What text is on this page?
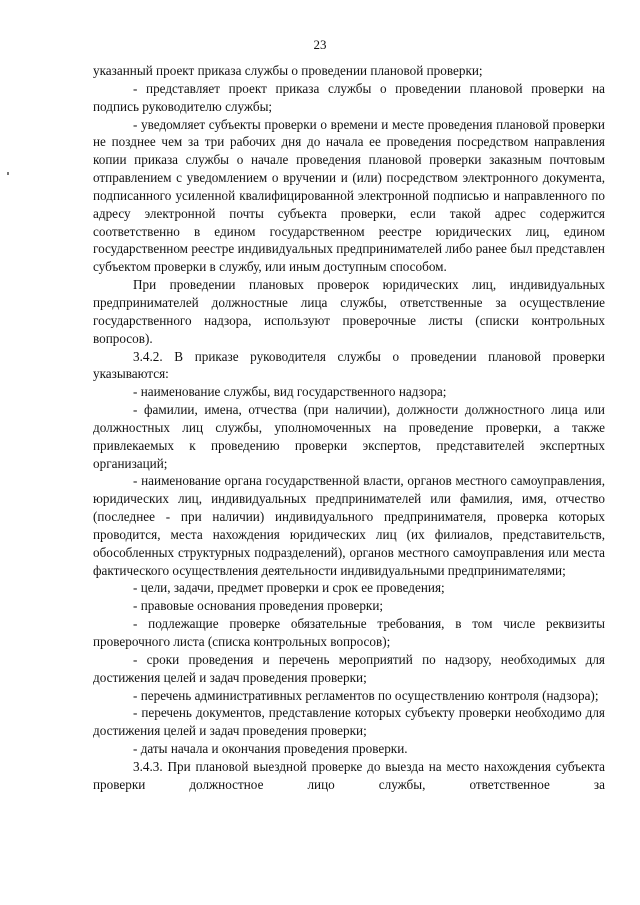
23

указанный проект приказа службы о проведении плановой проверки;

- представляет проект приказа службы о проведении плановой проверки на подпись руководителю службы;

- уведомляет субъекты проверки о времени и месте проведения плановой проверки не позднее чем за три рабочих дня до начала ее проведения посредством направления копии приказа службы о начале проведения плановой проверки заказным почтовым отправлением с уведомлением о вручении и (или) посредством электронного документа, подписанного усиленной квалифицированной электронной подписью и направленного по адресу электронной почты субъекта проверки, если такой адрес содержится соответственно в едином государственном реестре юридических лиц, едином государственном реестре индивидуальных предпринимателей либо ранее был представлен субъектом проверки в службу, или иным доступным способом.

При проведении плановых проверок юридических лиц, индивидуальных предпринимателей должностные лица службы, ответственные за осуществление государственного надзора, используют проверочные листы (списки контрольных вопросов).

3.4.2. В приказе руководителя службы о проведении плановой проверки указываются:

- наименование службы, вид государственного надзора;

- фамилии, имена, отчества (при наличии), должности должностного лица или должностных лиц службы, уполномоченных на проведение проверки, а также привлекаемых к проведению проверки экспертов, представителей экспертных организаций;

- наименование органа государственной власти, органов местного самоуправления, юридических лиц, индивидуальных предпринимателей или фамилия, имя, отчество (последнее - при наличии) индивидуального предпринимателя, проверка которых проводится, места нахождения юридических лиц (их филиалов, представительств, обособленных структурных подразделений), органов местного самоуправления или места фактического осуществления деятельности индивидуальными предпринимателями;

- цели, задачи, предмет проверки и срок ее проведения;

- правовые основания проведения проверки;

- подлежащие проверке обязательные требования, в том числе реквизиты проверочного листа (списка контрольных вопросов);

- сроки проведения и перечень мероприятий по надзору, необходимых для достижения целей и задач проведения проверки;

- перечень административных регламентов по осуществлению контроля (надзора);

- перечень документов, представление которых субъекту проверки необходимо для достижения целей и задач проведения проверки;

- даты начала и окончания проведения проверки.

3.4.3. При плановой выездной проверке до выезда на место нахождения субъекта проверки должностное лицо службы, ответственное за
